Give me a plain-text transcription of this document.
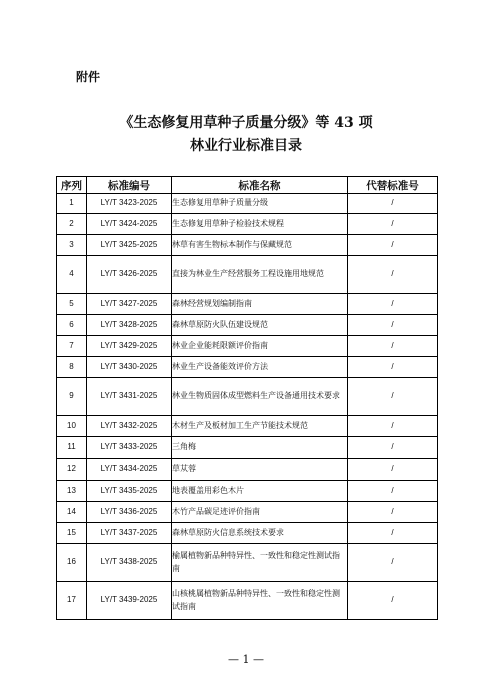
附件
《生态修复用草种子质量分级》等 43 项
林业行业标准目录
序列	标准编号	标准名称	代替标准号
1	LY/T 3423-2025	生态修复用草种子质量分级	/
2	LY/T 3424-2025	生态修复用草种子检验技术规程	/
3	LY/T 3425-2025	林草有害生物标本制作与保藏规范	/
4	LY/T 3426-2025	直接为林业生产经营服务工程设施用地规范	/
5	LY/T 3427-2025	森林经营规划编制指南	/
6	LY/T 3428-2025	森林草原防火队伍建设规范	/
7	LY/T 3429-2025	林业企业能耗限额评价指南	/
8	LY/T 3430-2025	林业生产设备能效评价方法	/
9	LY/T 3431-2025	林业生物质固体成型燃料生产设备通用技术要求	/
10	LY/T 3432-2025	木材生产及板材加工生产节能技术规范	/
11	LY/T 3433-2025	三角梅	/
12	LY/T 3434-2025	草苁蓉	/
13	LY/T 3435-2025	地表覆盖用彩色木片	/
14	LY/T 3436-2025	木竹产品碳足迹评价指南	/
15	LY/T 3437-2025	森林草原防火信息系统技术要求	/
16	LY/T 3438-2025	榆属植物新品种特异性、一致性和稳定性测试指南	/
17	LY/T 3439-2025	山核桃属植物新品种特异性、一致性和稳定性测试指南	/
— 1 —
